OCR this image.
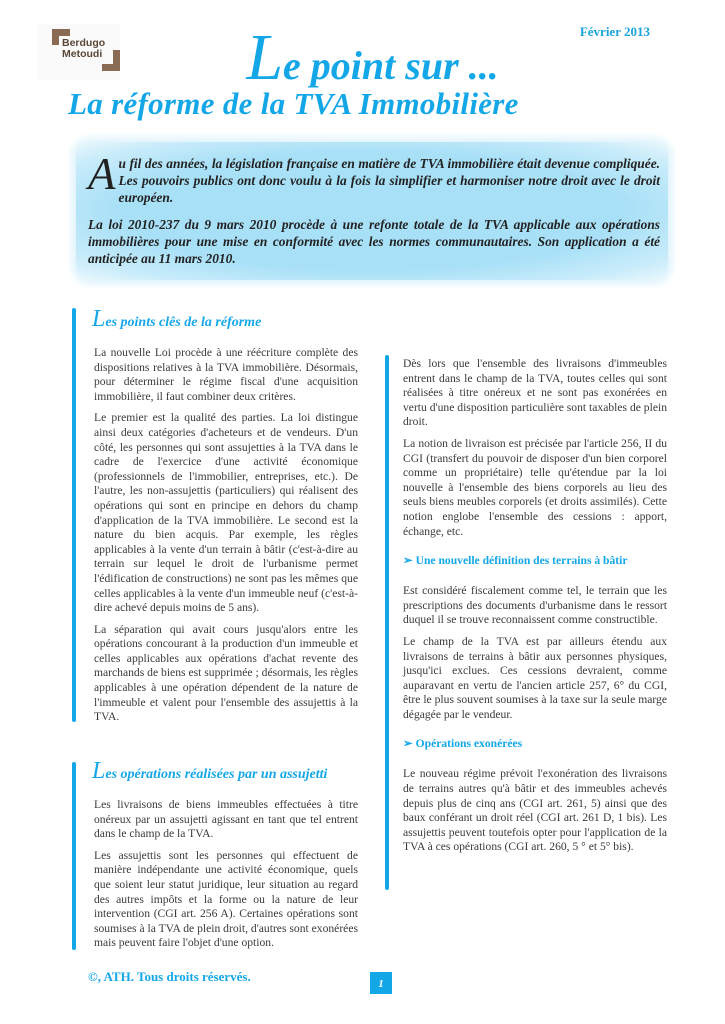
Berdugo
Metoudi
Février 2013
Le point sur ...
La réforme de la TVA Immobilière

Au fil des années, la législation française en matière de TVA immobilière était devenue compliquée. Les pouvoirs publics ont donc voulu à la fois la simplifier et harmoniser notre droit avec le droit européen.

La loi 2010-237 du 9 mars 2010 procède à une refonte totale de la TVA applicable aux opérations immobilières pour une mise en conformité avec les normes communautaires. Son application a été anticipée au 11 mars 2010.

Les points clês de la réforme

La nouvelle Loi procède à une réécriture complète des dispositions relatives à la TVA immobilière. Désormais, pour déterminer le régime fiscal d'une acquisition immobilière, il faut combiner deux critères.

Le premier est la qualité des parties. La loi distingue ainsi deux catégories d'acheteurs et de vendeurs. D'un côté, les personnes qui sont assujetties à la TVA dans le cadre de l'exercice d'une activité économique (professionnels de l'immobilier, entreprises, etc.). De l'autre, les non-assujettis (particuliers) qui réalisent des opérations qui sont en principe en dehors du champ d'application de la TVA immobilière. Le second est la nature du bien acquis. Par exemple, les règles applicables à la vente d'un terrain à bâtir (c'est-à-dire au terrain sur lequel le droit de l'urbanisme permet l'édification de constructions) ne sont pas les mêmes que celles applicables à la vente d'un immeuble neuf (c'est-à-dire achevé depuis moins de 5 ans).

La séparation qui avait cours jusqu'alors entre les opérations concourant à la production d'un immeuble et celles applicables aux opérations d'achat revente des marchands de biens est supprimée ; désormais, les règles applicables à une opération dépendent de la nature de l'immeuble et valent pour l'ensemble des assujettis à la TVA.

Les opérations réalisées par un assujetti

Les livraisons de biens immeubles effectuées à titre onéreux par un assujetti agissant en tant que tel entrent dans le champ de la TVA.

Les assujettis sont les personnes qui effectuent de manière indépendante une activité économique, quels que soient leur statut juridique, leur situation au regard des autres impôts et la forme ou la nature de leur intervention (CGI art. 256 A). Certaines opérations sont soumises à la TVA de plein droit, d'autres sont exonérées mais peuvent faire l'objet d'une option.

Dès lors que l'ensemble des livraisons d'immeubles entrent dans le champ de la TVA, toutes celles qui sont réalisées à titre onéreux et ne sont pas exonérées en vertu d'une disposition particulière sont taxables de plein droit.

La notion de livraison est précisée par l'article 256, II du CGI (transfert du pouvoir de disposer d'un bien corporel comme un propriétaire) telle qu'étendue par la loi nouvelle à l'ensemble des biens corporels au lieu des seuls biens meubles corporels (et droits assimilés). Cette notion englobe l'ensemble des cessions : apport, échange, etc.

➢ Une nouvelle définition des terrains à bâtir

Est considéré fiscalement comme tel, le terrain que les prescriptions des documents d'urbanisme dans le ressort duquel il se trouve reconnaissent comme constructible.

Le champ de la TVA est par ailleurs étendu aux livraisons de terrains à bâtir aux personnes physiques, jusqu'ici exclues. Ces cessions devraient, comme auparavant en vertu de l'ancien article 257, 6° du CGI, être le plus souvent soumises à la taxe sur la seule marge dégagée par le vendeur.

➢ Opérations exonérées

Le nouveau régime prévoit l'exonération des livraisons de terrains autres qu'à bâtir et des immeubles achevés depuis plus de cinq ans (CGI art. 261, 5) ainsi que des baux conférant un droit réel (CGI art. 261 D, 1 bis). Les assujettis peuvent toutefois opter pour l'application de la TVA à ces opérations (CGI art. 260, 5 ° et 5° bis).

©, ATH. Tous droits réservés.	1
